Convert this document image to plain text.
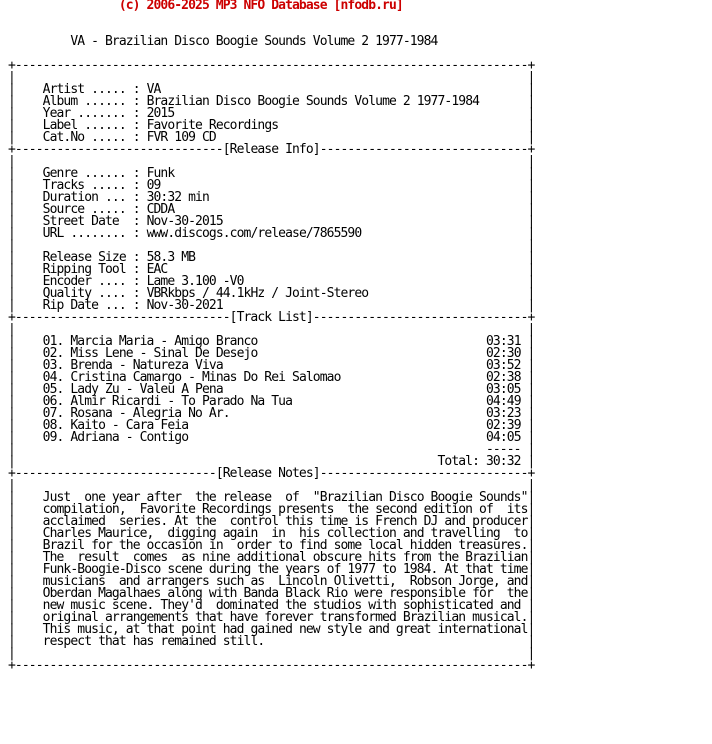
(c) 2006-2025 MP3 NFO Database [nfodb.ru]
VA - Brazilian Disco Boogie Sounds Volume 2 1977-1984
+--------------------------------------------------------------------------+
|                                                                          |
| Artist ..... : VA                                                     |
| Album ...... : Brazilian Disco Boogie Sounds Volume 2 1977-1984       |
| Year ....... : 2015                                                   |
| Label ...... : Favorite Recordings                                    |
| Cat.No ..... : FVR 109 CD                                             |
+------------------------------[Release Info]------------------------------+
|                                                                          |
| Genre ...... : Funk                                                   |
| Tracks ..... : 09                                                     |
| Duration ... : 30:32 min                                              |
| Source ..... : CDDA                                                   |
| Street Date  : Nov-30-2015                                            |
| URL ........ : www.discogs.com/release/7865590                        |
|                                                                          |
| Release Size : 58.3 MB                                                |
| Ripping Tool : EAC                                                    |
| Encoder .... : Lame 3.100 -V0                                         |
| Quality .... : VBRkbps / 44.1kHz / Joint-Stereo                       |
| Rip Date ... : Nov-30-2021                                            |
+-------------------------------[Track List]-------------------------------+
|                                                                          |
| 01. Marcia Maria - Amigo Branco	03:31 |
| 02. Miss Lene - Sinal De Desejo	02:30 |
| 03. Brenda - Natureza Viva	03:52 |
| 04. Cristina Camargo - Minas Do Rei Salomao	02:38 |
| 05. Lady Zu - Valeu A Pena	03:05 |
| 06. Almir Ricardi - To Parado Na Tua	04:49 |
| 07. Rosana - Alegria No Ar.	03:23 |
| 08. Kaito - Cara Feia	02:39 |
| 09. Adriana - Contigo	04:05 |
|	----- |
|	Total: 30:32 |
+-----------------------------[Release Notes]------------------------------+
|                                                                          |
| Just  one year after  the release  of  "Brazilian Disco Boogie Sounds"|
| compilation,  Favorite Recordings presents  the second edition of  its|
| acclaimed  series. At the  control this time is French DJ and producer|
| Charles Maurice,  digging again  in  his collection and travelling  to|
| Brazil for the occasion in  order to find some local hidden treasures.|
| The  result  comes  as nine additional obscure hits from the Brazilian|
| Funk-Boogie-Disco scene during the years of 1977 to 1984. At that time|
| musicians  and arrangers such as  Lincoln Olivetti,  Robson Jorge, and|
| Oberdan Magalhaes along with Banda Black Rio were responsible for  the|
| new music scene. They'd  dominated the studios with sophisticated and |
| original arrangements that have forever transformed Brazilian musical.|
| This music, at that point had gained new style and great international|
| respect that has remained still.                                      |
|                                                                          |
+--------------------------------------------------------------------------+
